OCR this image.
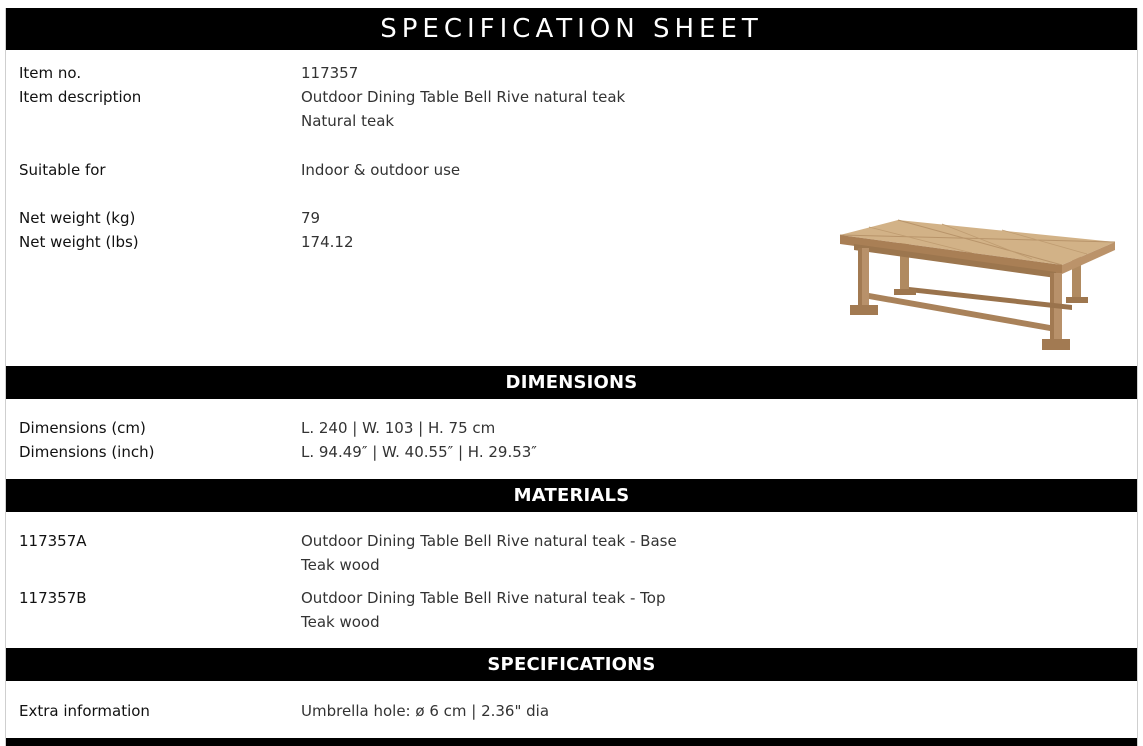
SPECIFICATION SHEET
Item no.	117357
Item description	Outdoor Dining Table Bell Rive natural teak
Natural teak
Suitable for	Indoor & outdoor use
Net weight (kg)	79
Net weight (lbs)	174.12
DIMENSIONS
Dimensions (cm)	L. 240 | W. 103 | H. 75 cm
Dimensions (inch)	L. 94.49″ | W. 40.55″ | H. 29.53″
MATERIALS
117357A	Outdoor Dining Table Bell Rive natural teak - Base
Teak wood
117357B	Outdoor Dining Table Bell Rive natural teak - Top
Teak wood
SPECIFICATIONS
Extra information	Umbrella hole: ø 6 cm | 2.36" dia
